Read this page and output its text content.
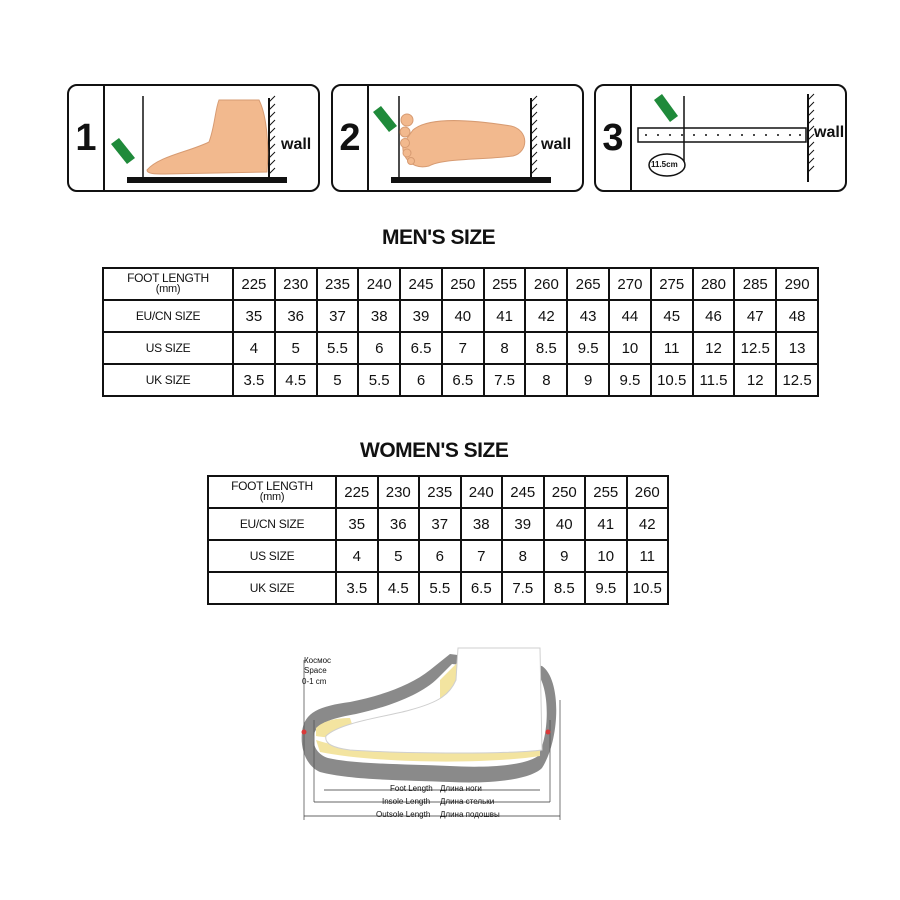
1	wall 2	wall 3
11.5cm
wall
MEN'S SIZE
FOOT LENGTH
(mm)	225	230	235	240	245	250	255	260	265	270	275	280	285	290
EU/CN SIZE	35	36	37	38	39	40	41	42	43	44	45	46	47	48
US SIZE	4	5	5.5	6	6.5	7	8	8.5	9.5	10	11	12	12.5	13
UK SIZE	3.5	4.5	5	5.5	6	6.5	7.5	8	9	9.5	10.5	11.5	12	12.5
WOMEN'S SIZE
FOOT LENGTH
(mm)	225	230	235	240	245	250	255	260
EU/CN SIZE	35	36	37	38	39	40	41	42
US SIZE	4	5	6	7	8	9	10	11
UK SIZE	3.5	4.5	5.5	6.5	7.5	8.5	9.5	10.5
Космос
Space
0-1 cm
Foot Length Длина ноги
Insole Length Длина стельки
Outsole Length Длина подошвы
